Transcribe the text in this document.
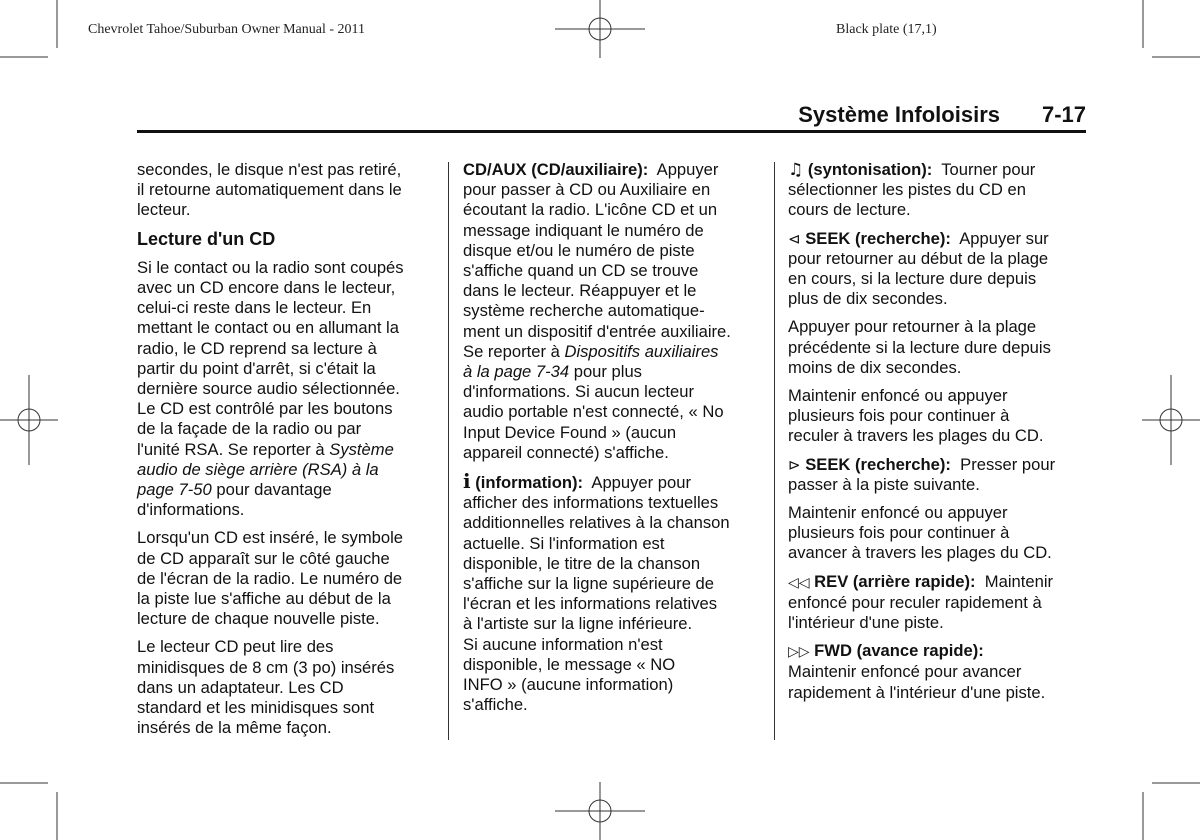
Chevrolet Tahoe/Suburban Owner Manual - 2011	Black plate (17,1)
Système Infoloisirs 7-17

secondes, le disque n'est pas retiré,
il retourne automatiquement dans le
lecteur.

Lecture d'un CD

Si le contact ou la radio sont coupés
avec un CD encore dans le lecteur,
celui-ci reste dans le lecteur. En
mettant le contact ou en allumant la
radio, le CD reprend sa lecture à
partir du point d'arrêt, si c'était la
dernière source audio sélectionnée.
Le CD est contrôlé par les boutons
de la façade de la radio ou par
l'unité RSA. Se reporter à Système
audio de siège arrière (RSA) à la
page 7-50 pour davantage
d'informations.

Lorsqu'un CD est inséré, le symbole
de CD apparaît sur le côté gauche
de l'écran de la radio. Le numéro de
la piste lue s'affiche au début de la
lecture de chaque nouvelle piste.

Le lecteur CD peut lire des
minidisques de 8 cm (3 po) insérés
dans un adaptateur. Les CD
standard et les minidisques sont
insérés de la même façon.

CD/AUX (CD/auxiliaire):  Appuyer
pour passer à CD ou Auxiliaire en
écoutant la radio. L'icône CD et un
message indiquant le numéro de
disque et/ou le numéro de piste
s'affiche quand un CD se trouve
dans le lecteur. Réappuyer et le
système recherche automatique-
ment un dispositif d'entrée auxiliaire.
Se reporter à Dispositifs auxiliaires
à la page 7-34 pour plus
d'informations. Si aucun lecteur
audio portable n'est connecté, « No
Input Device Found » (aucun
appareil connecté) s'affiche.

i (information):  Appuyer pour
afficher des informations textuelles
additionnelles relatives à la chanson
actuelle. Si l'information est
disponible, le titre de la chanson
s'affiche sur la ligne supérieure de
l'écran et les informations relatives
à l'artiste sur la ligne inférieure.
Si aucune information n'est
disponible, le message « NO
INFO » (aucune information)
s'affiche.

♫ (syntonisation):  Tourner pour
sélectionner les pistes du CD en
cours de lecture.

⊲ SEEK (recherche):  Appuyer sur
pour retourner au début de la plage
en cours, si la lecture dure depuis
plus de dix secondes.

Appuyer pour retourner à la plage
précédente si la lecture dure depuis
moins de dix secondes.

Maintenir enfoncé ou appuyer
plusieurs fois pour continuer à
reculer à travers les plages du CD.

⊳ SEEK (recherche):  Presser pour
passer à la piste suivante.

Maintenir enfoncé ou appuyer
plusieurs fois pour continuer à
avancer à travers les plages du CD.

◁◁ REV (arrière rapide):  Maintenir
enfoncé pour reculer rapidement à
l'intérieur d'une piste.

▷▷ FWD (avance rapide):
Maintenir enfoncé pour avancer
rapidement à l'intérieur d'une piste.
